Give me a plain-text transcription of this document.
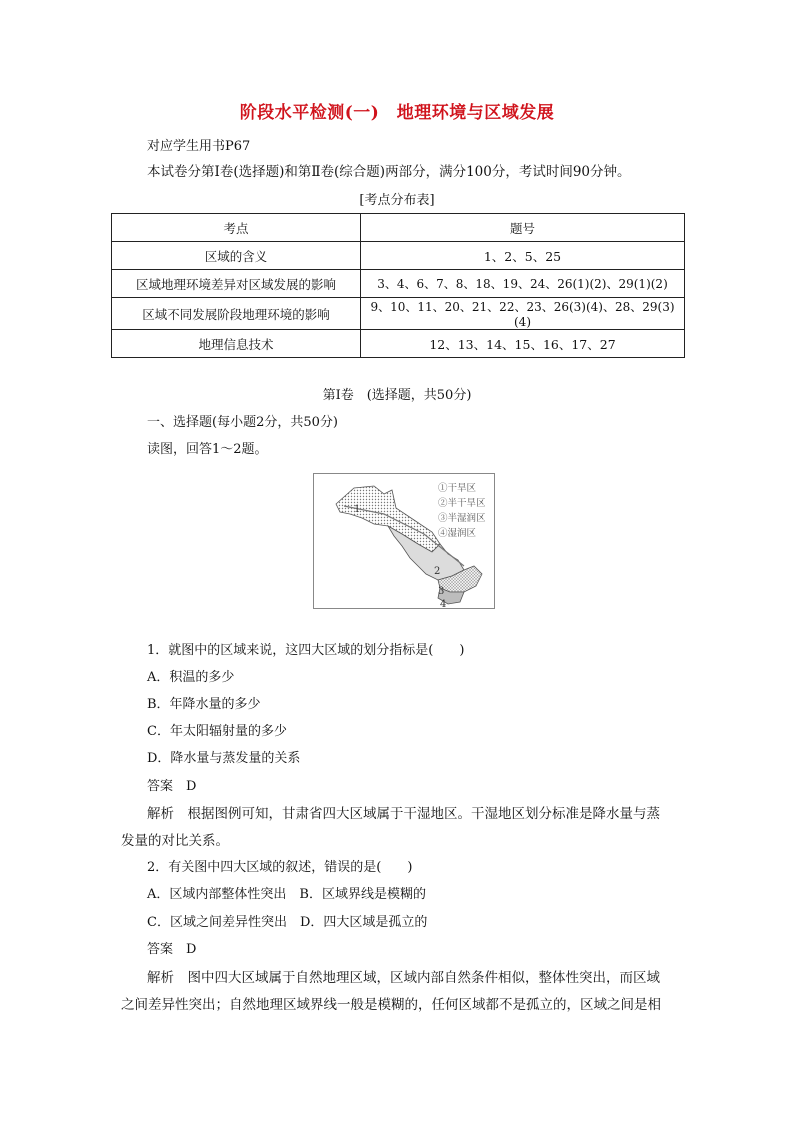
阶段水平检测(一)　地理环境与区域发展
对应学生用书P67
本试卷分第Ⅰ卷(选择题)和第Ⅱ卷(综合题)两部分，满分100分，考试时间90分钟。
[考点分布表]
考点	题号
区域的含义	1、2、5、25
区域地理环境差异对区域发展的影响	3、4、6、7、8、18、19、24、26(1)(2)、29(1)(2)
区域不同发展阶段地理环境的影响	9、10、11、20、21、22、23、26(3)(4)、28、29(3)(4)
地理信息技术	12、13、14、15、16、17、27
第Ⅰ卷　(选择题，共50分)
一、选择题(每小题2分，共50分)
读图，回答1～2题。
1
2
3
4
①干旱区
②半干旱区
③半湿润区
④湿润区
1．就图中的区域来说，这四大区域的划分指标是(　　)
A．积温的多少
B．年降水量的多少
C．年太阳辐射量的多少
D．降水量与蒸发量的关系
答案　 D
解析　 根据图例可知，甘肃省四大区域属于干湿地区。干湿地区划分标准是降水量与蒸
发量的对比关系。
2．有关图中四大区域的叙述，错误的是(　　)
A．区域内部整体性突出　B．区域界线是模糊的
C．区域之间差异性突出　D．四大区域是孤立的
答案　 D
解析　 图中四大区域属于自然地理区域，区域内部自然条件相似，整体性突出，而区域
之间差异性突出；自然地理区域界线一般是模糊的，任何区域都不是孤立的，区域之间是相
